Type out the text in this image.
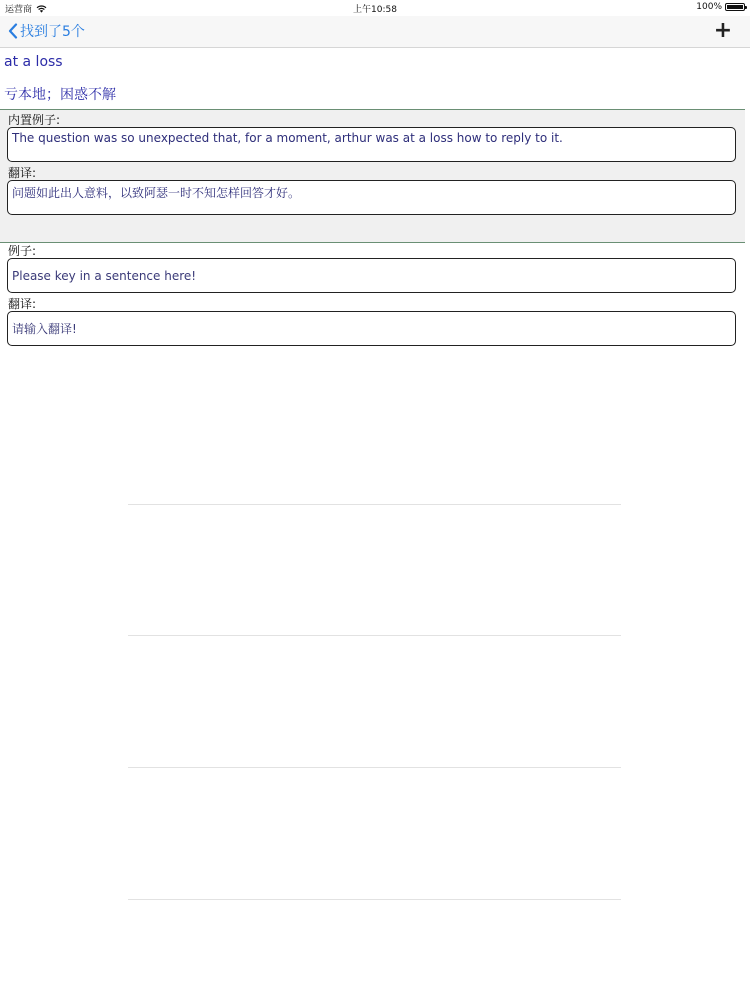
运营商	上午10:58	100%
找到了5个	+
at a loss
亏本地；困惑不解
内置例子:
The question was so unexpected that, for a moment, arthur was at a loss how to reply to it.
翻译:
问题如此出人意料，以致阿瑟一时不知怎样回答才好。
例子:
Please key in a sentence here!
翻译:
请输入翻译!
